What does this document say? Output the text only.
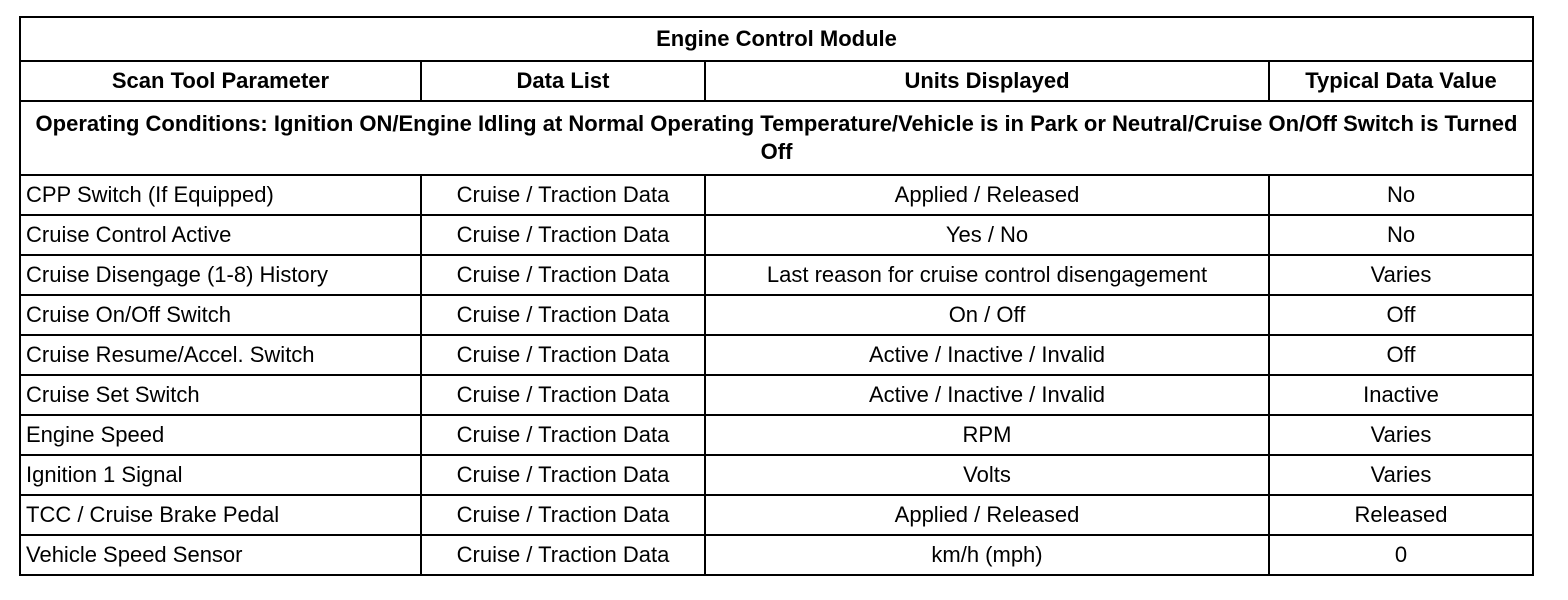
Engine Control Module			
Scan Tool Parameter	Data List	Units Displayed	Typical Data Value
Operating Conditions: Ignition ON/Engine Idling at Normal Operating Temperature/Vehicle is in Park or Neutral/Cruise On/Off Switch is Turned Off			
CPP Switch (If Equipped)	Cruise / Traction Data	Applied / Released	No
Cruise Control Active	Cruise / Traction Data	Yes / No	No
Cruise Disengage (1-8) History	Cruise / Traction Data	Last reason for cruise control disengagement	Varies
Cruise On/Off Switch	Cruise / Traction Data	On / Off	Off
Cruise Resume/Accel. Switch	Cruise / Traction Data	Active / Inactive / Invalid	Off
Cruise Set Switch	Cruise / Traction Data	Active / Inactive / Invalid	Inactive
Engine Speed	Cruise / Traction Data	RPM	Varies
Ignition 1 Signal	Cruise / Traction Data	Volts	Varies
TCC / Cruise Brake Pedal	Cruise / Traction Data	Applied / Released	Released
Vehicle Speed Sensor	Cruise / Traction Data	km/h (mph)	0
